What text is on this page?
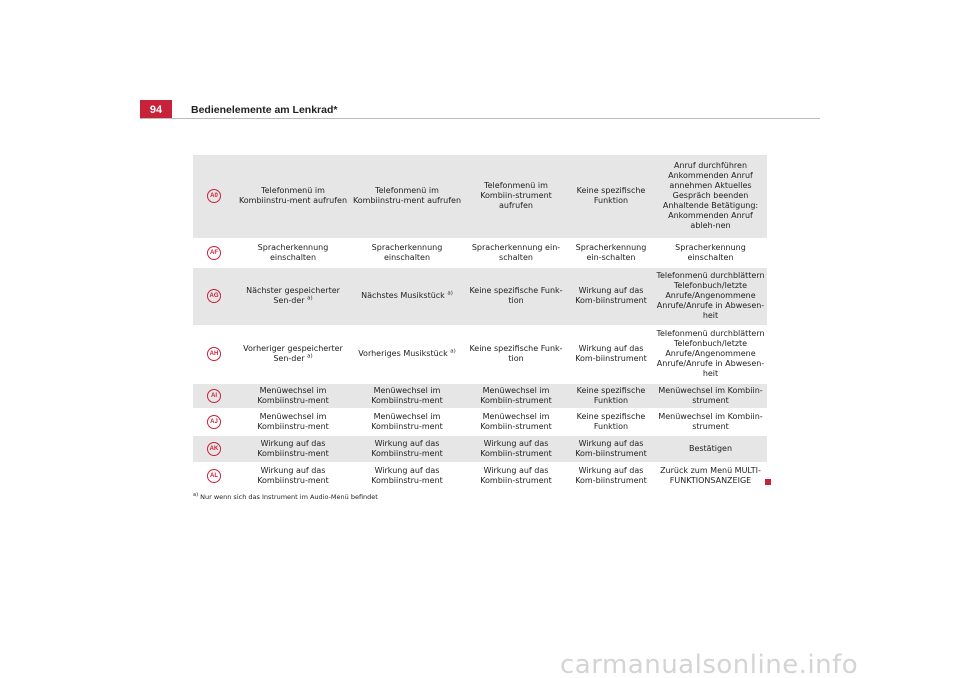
94	Bedienelemente am Lenkrad*
A0	Telefonmenü im Kombiinstru-ment aufrufen	Telefonmenü im Kombiinstru-ment aufrufen	Telefonmenü im Kombiin-strument aufrufen	Keine spezifische Funktion	Anruf durchführen Ankommenden Anruf annehmen Aktuelles Gespräch beenden Anhaltende Betätigung: Ankommenden Anruf ableh-nen
AF	Spracherkennung einschalten	Spracherkennung einschalten	Spracherkennung ein-schalten	Spracherkennung ein-schalten	Spracherkennung einschalten
AG	Nächster gespeicherter Sen-der $^{a)}$	Nächstes Musikstück $^{a)}$	Keine spezifische Funk-tion	Wirkung auf das Kom-biinstrument	Telefonmenü durchblättern Telefonbuch/letzte Anrufe/Angenommene Anrufe/Anrufe in Abwesen-heit
AH	Vorheriger gespeicherter Sen-der $^{a)}$	Vorheriges Musikstück $^{a)}$	Keine spezifische Funk-tion	Wirkung auf das Kom-biinstrument	Telefonmenü durchblättern Telefonbuch/letzte Anrufe/Angenommene Anrufe/Anrufe in Abwesen-heit
AI	Menüwechsel im Kombiinstru-ment	Menüwechsel im Kombiinstru-ment	Menüwechsel im Kombiin-strument	Keine spezifische Funktion	Menüwechsel im Kombiin-strument
AJ	Menüwechsel im Kombiinstru-ment	Menüwechsel im Kombiinstru-ment	Menüwechsel im Kombiin-strument	Keine spezifische Funktion	Menüwechsel im Kombiin-strument
AK	Wirkung auf das Kombiinstru-ment	Wirkung auf das Kombiinstru-ment	Wirkung auf das Kombiin-strument	Wirkung auf das Kom-biinstrument	Bestätigen
AL	Wirkung auf das Kombiinstru-ment	Wirkung auf das Kombiinstru-ment	Wirkung auf das Kombiin-strument	Wirkung auf das Kom-biinstrument	Zurück zum Menü MULTI-FUNKTIONSANZEIGE
$^{a)}$ Nur wenn sich das Instrument im Audio-Menü befindet
carmanualsonline.info
